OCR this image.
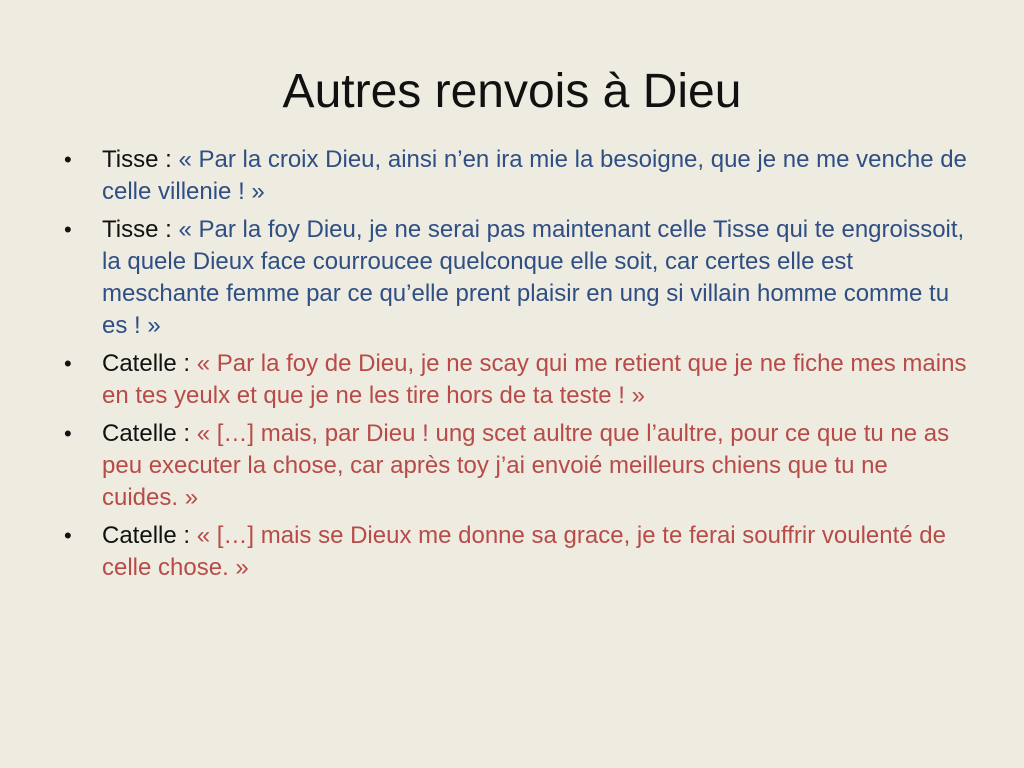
Autres renvois à Dieu
• Tisse : « Par la croix Dieu, ainsi n’en ira mie la besoigne, que je ne me venche de celle villenie ! »
• Tisse : « Par la foy Dieu, je ne serai pas maintenant celle Tisse qui te engroissoit, la quele Dieux face courroucee quelconque elle soit, car certes elle est meschante femme par ce qu’elle prent plaisir en ung si villain homme comme tu es ! »
• Catelle : « Par la foy de Dieu, je ne scay qui me retient que je ne fiche mes mains en tes yeulx et que je ne les tire hors de ta teste ! »
• Catelle : « […] mais, par Dieu ! ung scet aultre que l’aultre, pour ce que tu ne as peu executer la chose, car après toy j’ai envoié meilleurs chiens que tu ne cuides. »
• Catelle : « […] mais se Dieux me donne sa grace, je te ferai souffrir voulenté de celle chose. »
